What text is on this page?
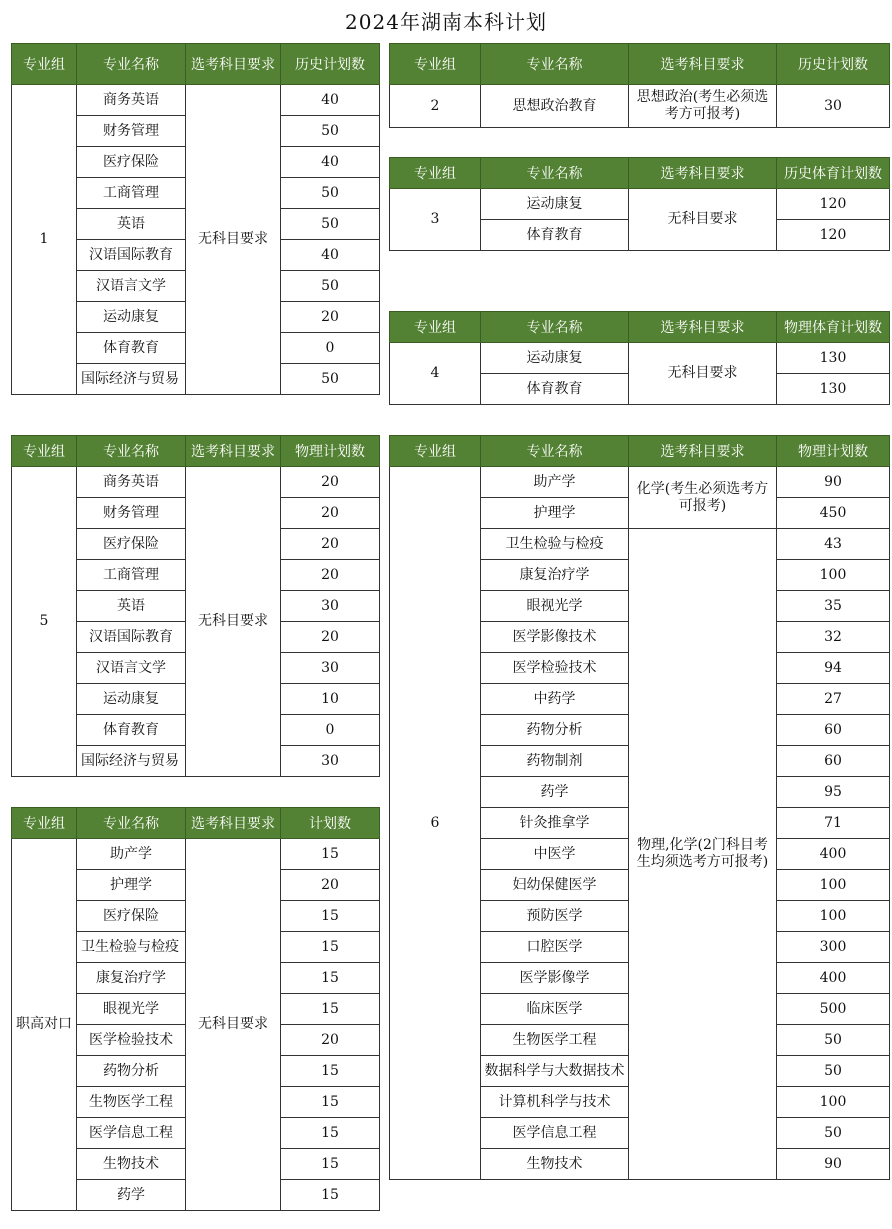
2024年湖南本科计划
专业组	专业名称	选考科目要求	历史计划数
1	商务英语	无科目要求	40
	财务管理		50
	医疗保险		40
	工商管理		50
	英语		50
	汉语国际教育		40
	汉语言文学		50
	运动康复		20
	体育教育		0
	国际经济与贸易		50
专业组	专业名称	选考科目要求	历史计划数
2	思想政治教育	思想政治(考生必须选考方可报考)	30
专业组	专业名称	选考科目要求	历史体育计划数
3	运动康复	无科目要求	120
	体育教育		120
专业组	专业名称	选考科目要求	物理体育计划数
4	运动康复	无科目要求	130
	体育教育		130
专业组	专业名称	选考科目要求	物理计划数
5	商务英语	无科目要求	20
	财务管理		20
	医疗保险		20
	工商管理		20
	英语		30
	汉语国际教育		20
	汉语言文学		30
	运动康复		10
	体育教育		0
	国际经济与贸易		30
专业组	专业名称	选考科目要求	计划数
职高对口	助产学	无科目要求	15
	护理学		20
	医疗保险		15
	卫生检验与检疫		15
	康复治疗学		15
	眼视光学		15
	医学检验技术		20
	药物分析		15
	生物医学工程		15
	医学信息工程		15
	生物技术		15
	药学		15
专业组	专业名称	选考科目要求	物理计划数
6	助产学	化学(考生必须选考方可报考)	90
	护理学		450
	卫生检验与检疫	物理,化学(2门科目考生均须选考方可报考)	43
	康复治疗学		100
	眼视光学		35
	医学影像技术		32
	医学检验技术		94
	中药学		27
	药物分析		60
	药物制剂		60
	药学		95
	针灸推拿学		71
	中医学		400
	妇幼保健医学		100
	预防医学		100
	口腔医学		300
	医学影像学		400
	临床医学		500
	生物医学工程		50
	数据科学与大数据技术		50
	计算机科学与技术		100
	医学信息工程		50
	生物技术		90
